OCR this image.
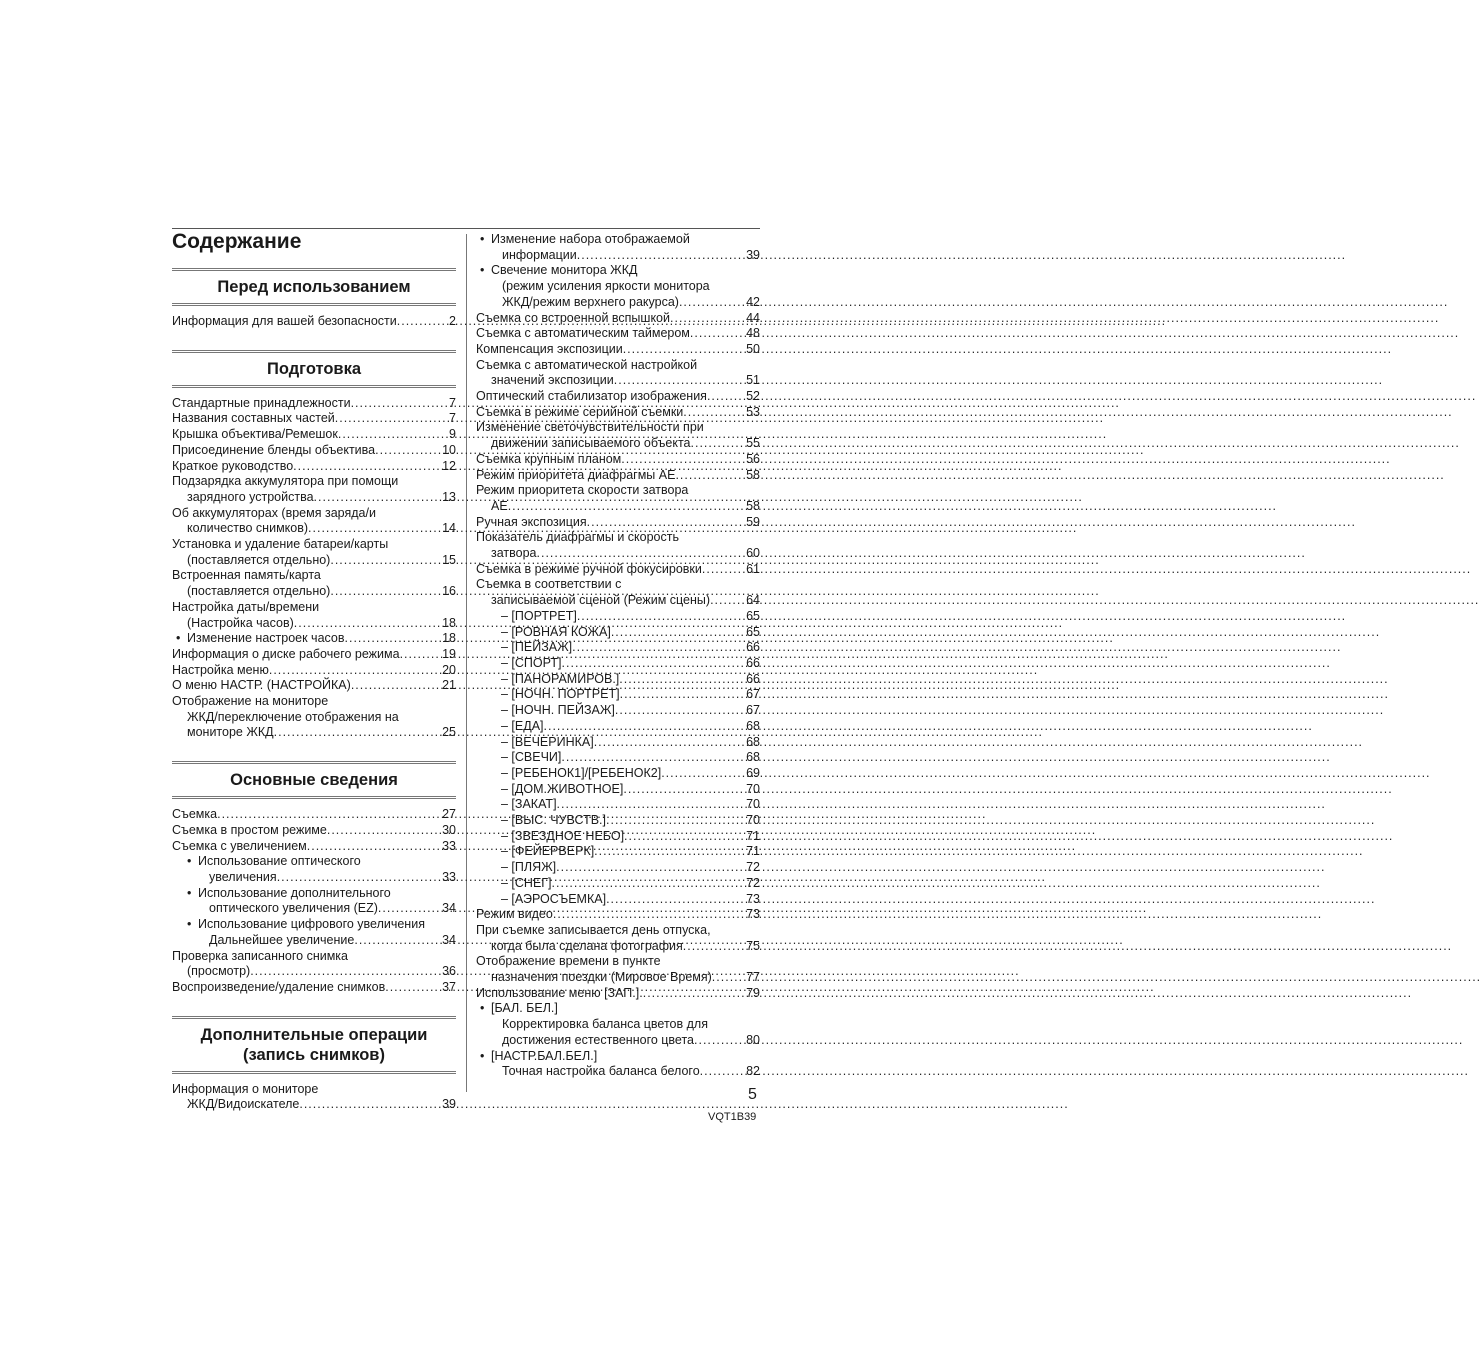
Содержание
Перед использованием
Информация для вашей безопасности .....	2
Подготовка
Стандартные принадлежности .....	7
Названия составных частей .....	7
Крышка объектива/Ремешок .....	9
Присоединение бленды объектива .....	10
Краткое руководство .....	12
Подзарядка аккумулятора при помощи
зарядного устройства .....	13
Об аккумуляторах (время заряда/и
количество снимков) .....	14
Установка и удаление батареи/карты
(поставляется отдельно) .....	15
Встроенная память/карта
(поставляется отдельно) .....	16
Настройка даты/времени
(Настройка часов) .....	18
• Изменение настроек часов .....	18
Информация о диске рабочего режима .....	19
Настройка меню .....	20
О меню НАСТР. (НАСТРОЙКА) .....	21
Отображение на мониторе
ЖКД/переключение отображения на
мониторе ЖКД .....	25
Основные сведения
Съемка .....	27
Съемка в простом режиме .....	30
Съемка с увеличением .....	33
• Использование оптического
увеличения .....	33
• Использование дополнительного
оптического увеличения (EZ) .....	34
• Использование цифрового увеличения
Дальнейшее увеличение .....	34
Проверка записанного снимка
(просмотр) .....	36
Воспроизведение/удаление снимков .....	37
Дополнительные операции
(запись снимков)
Информация о мониторе
ЖКД/Видоискателе .....	39
• Изменение набора отображаемой
информации .....	39
• Свечение монитора ЖКД
(режим усиления яркости монитора
ЖКД/режим верхнего ракурса) .....	42
Съемка со встроенной вспышкой .....	44
Съемка с автоматическим таймером .....	48
Компенсация экспозиции .....	50
Съемка с автоматической настройкой
значений экспозиции .....	51
Оптический стабилизатор изображения .....	52
Съемка в режиме серийной съемки .....	53
Изменение светочувствительности при
движении записываемого объекта .....	55
Съемка крупным планом .....	56
Режим приоритета диафрагмы AE .....	58
Режим приоритета скорости затвора
AE .....	58
Ручная экспозиция .....	59
Показатель диафрагмы и скорость
затвора .....	60
Съемка в режиме ручной фокусировки .....	61
Съемка в соответствии с
записываемой сценой (Режим сцены) .....	64
– [ПОРТРЕТ] .....	65
– [РОВНАЯ КОЖА] .....	65
– [ПЕЙЗАЖ] .....	66
– [СПОРТ] .....	66
– [ПАНОРАМИРОВ.] .....	66
– [НОЧН. ПОРТРЕТ] .....	67
– [НОЧН. ПЕЙЗАЖ] .....	67
– [ЕДА] .....	68
– [ВЕЧЕРИНКА] .....	68
– [СВЕЧИ] .....	68
– [РЕБЕНОК1]/[РЕБЕНОК2] .....	69
– [ДОМ.ЖИВОТНОЕ] .....	70
– [ЗАКАТ] .....	70
– [ВЫС. ЧУВСТВ.] .....	70
– [ЗВЕЗДНОЕ НЕБО] .....	71
– [ФЕЙЕРВЕРК] .....	71
– [ПЛЯЖ] .....	72
– [СНЕГ] .....	72
– [АЭРОСЪЕМКА] .....	73
Режим видео .....	73
При съемке записывается день отпуска,
когда была сделана фотография .....	75
Отображение времени в пункте
назначения поездки (Мировое Время) .....	77
Использование меню [ЗАП.]. .....	79
• [БАЛ. БЕЛ.]
Корректировка баланса цветов для
достижения естественного цвета .....	80
• [НАСТР.БАЛ.БЕЛ.]
Точная настройка баланса белого .....	82
5
VQT1B39
